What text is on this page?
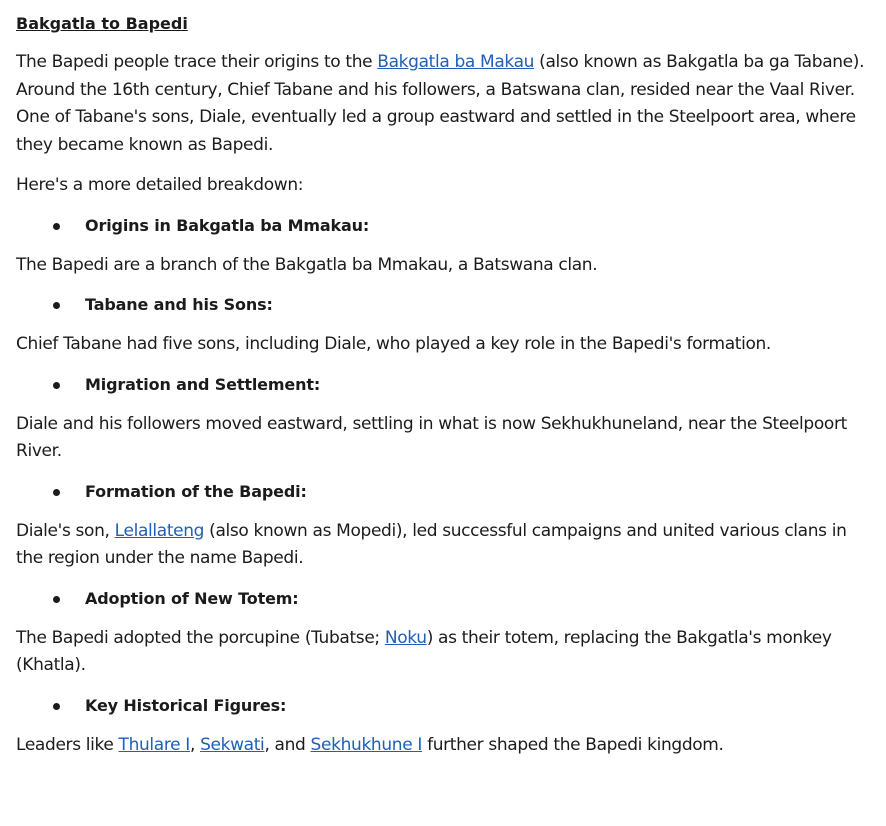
Bakgatla to Bapedi

The Bapedi people trace their origins to the Bakgatla ba Makau (also known as Bakgatla ba ga Tabane). Around the 16th century, Chief Tabane and his followers, a Batswana clan, resided near the Vaal River. One of Tabane's sons, Diale, eventually led a group eastward and settled in the Steelpoort area, where they became known as Bapedi.

Here's a more detailed breakdown:

Origins in Bakgatla ba Mmakau:

The Bapedi are a branch of the Bakgatla ba Mmakau, a Batswana clan.

Tabane and his Sons:

Chief Tabane had five sons, including Diale, who played a key role in the Bapedi's formation.

Migration and Settlement:

Diale and his followers moved eastward, settling in what is now Sekhukhuneland, near the Steelpoort River.

Formation of the Bapedi:

Diale's son, Lelallateng (also known as Mopedi), led successful campaigns and united various clans in the region under the name Bapedi.

Adoption of New Totem:

The Bapedi adopted the porcupine (Tubatse; Noku) as their totem, replacing the Bakgatla's monkey (Khatla).

Key Historical Figures:

Leaders like Thulare I, Sekwati, and Sekhukhune I further shaped the Bapedi kingdom.
